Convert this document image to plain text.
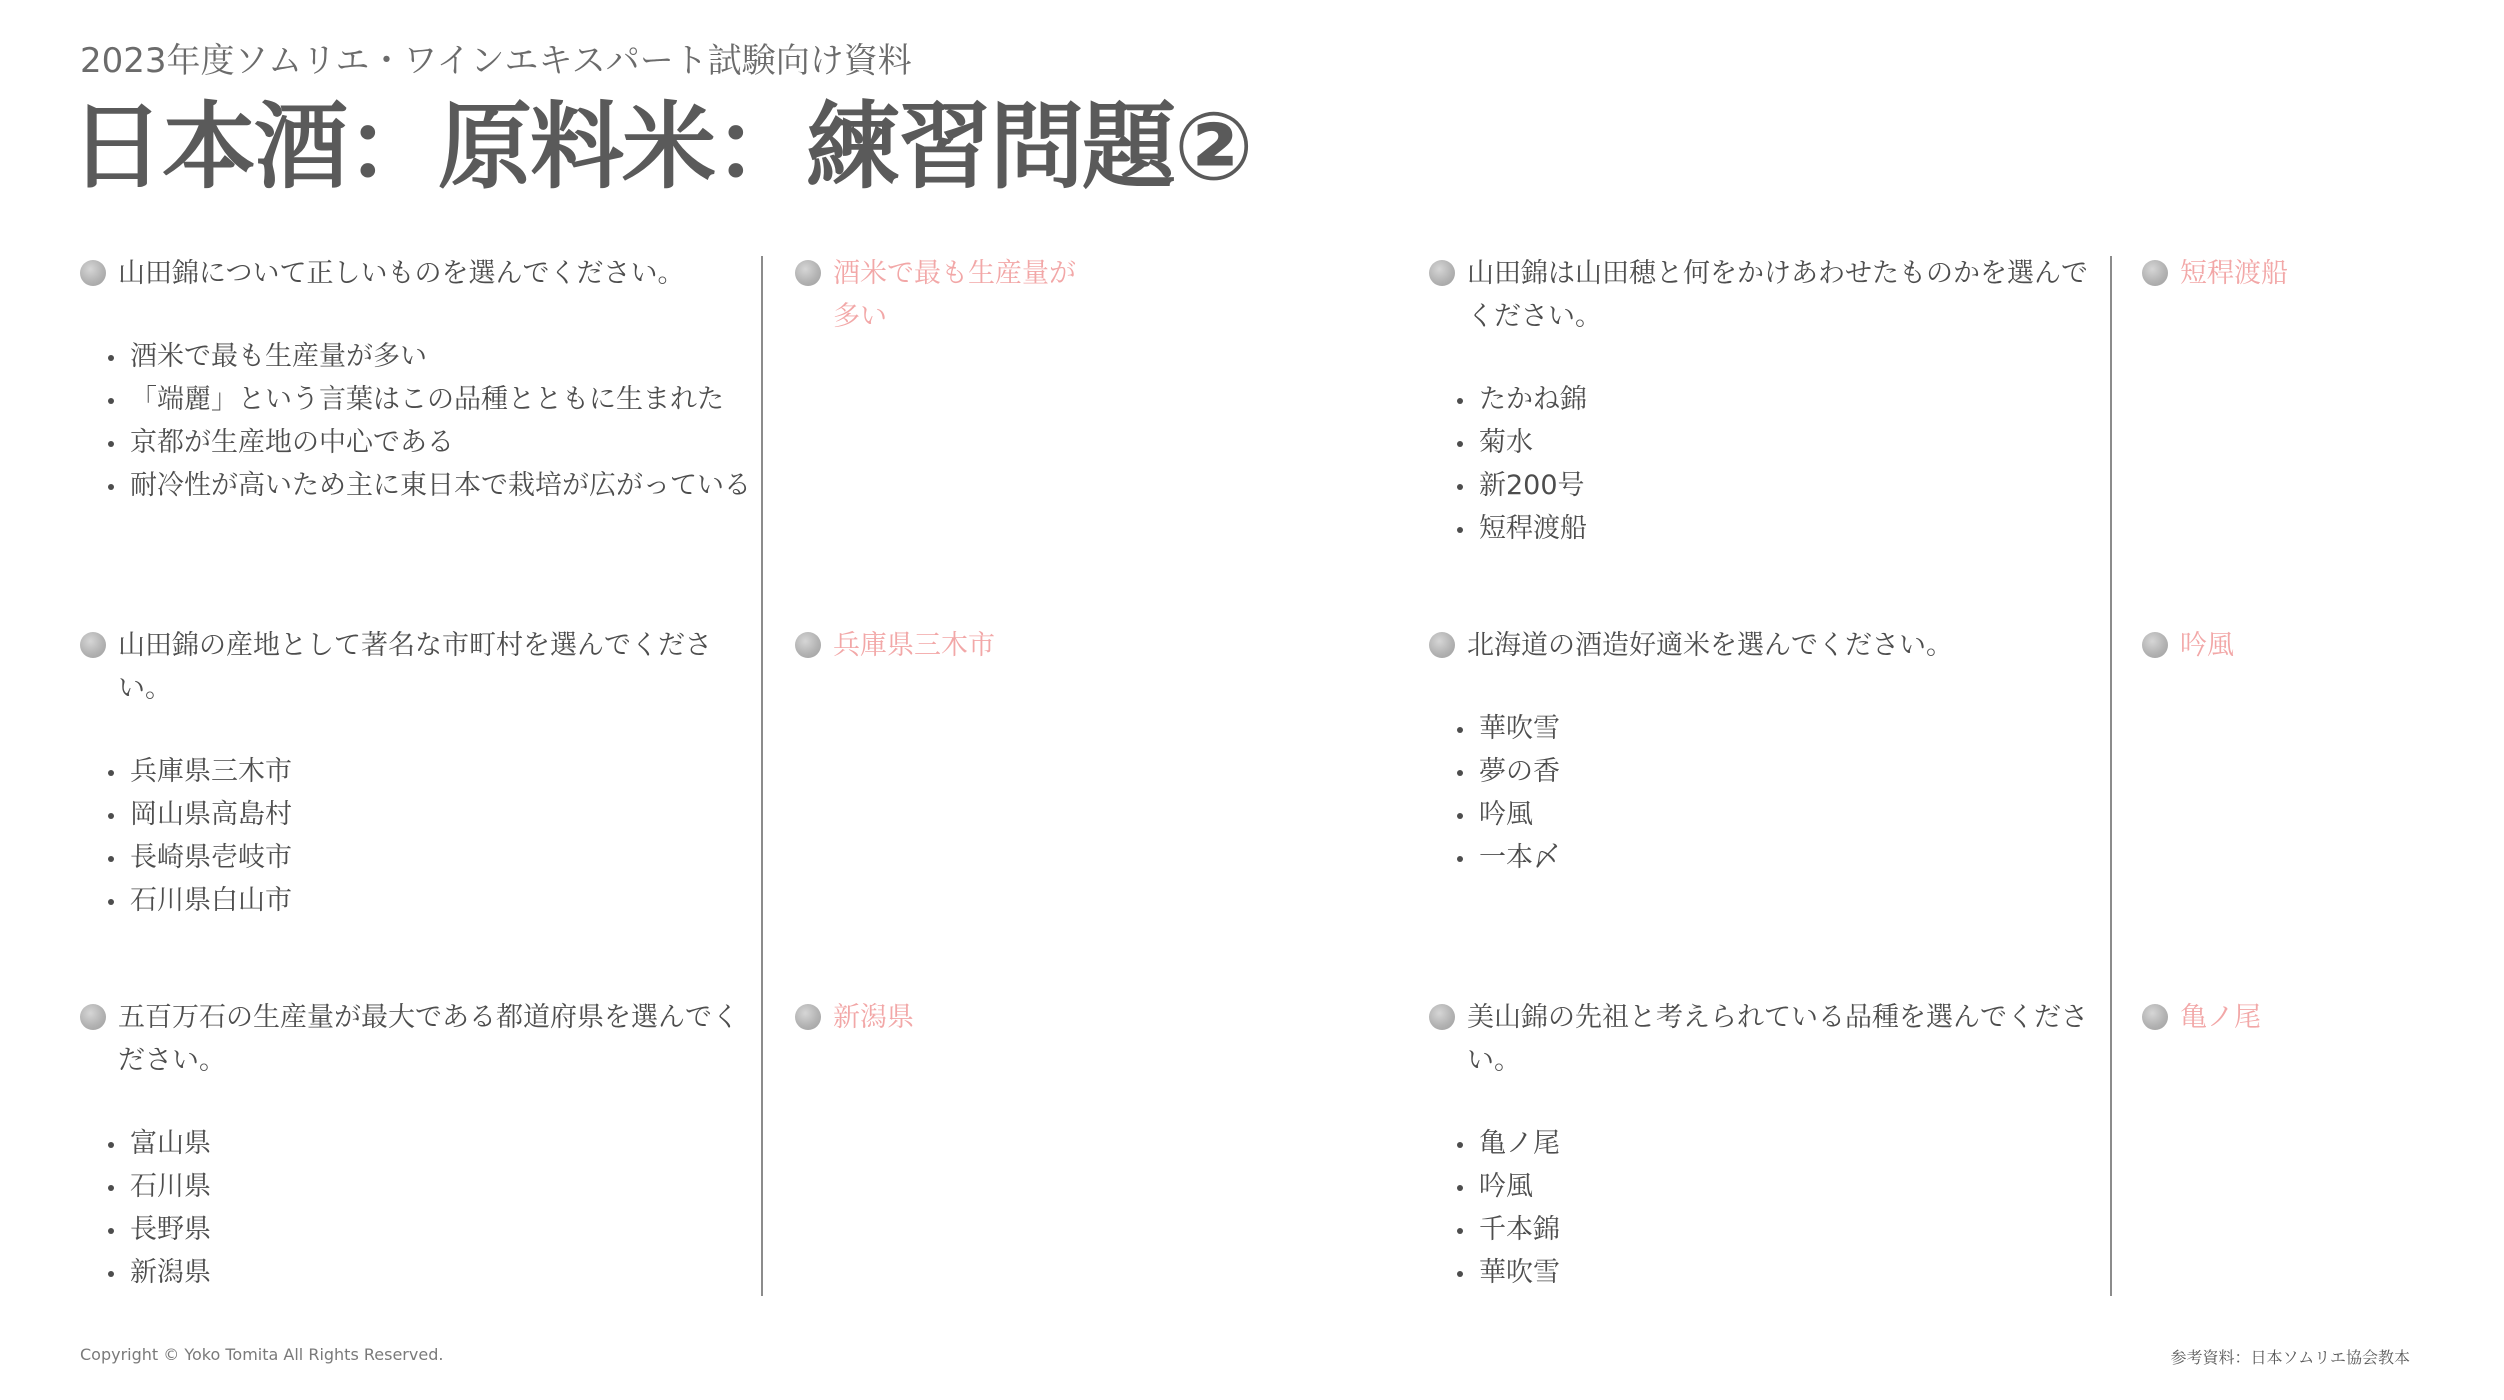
2023年度ソムリエ・ワインエキスパート試験向け資料
日本酒：原料米：練習問題②
山田錦について正しいものを選んでください。
酒米で最も生産量が多い
「端麗」という言葉はこの品種とともに生まれた
京都が生産地の中心である
耐冷性が高いため主に東日本で栽培が広がっている
山田錦の産地として著名な市町村を選んでください。
兵庫県三木市
岡山県高島村
長崎県壱岐市
石川県白山市
五百万石の生産量が最大である都道府県を選んでください。
富山県
石川県
長野県
新潟県
酒米で最も生産量が多い
兵庫県三木市
新潟県
山田錦は山田穂と何をかけあわせたものかを選んでください。
たかね錦
菊水
新200号
短稈渡船
北海道の酒造好適米を選んでください。
華吹雪
夢の香
吟風
一本〆
美山錦の先祖と考えられている品種を選んでください。
亀ノ尾
吟風
千本錦
華吹雪
短稈渡船
吟風
亀ノ尾
Copyright © Yoko Tomita All Rights Reserved.	参考資料：日本ソムリエ協会教本
